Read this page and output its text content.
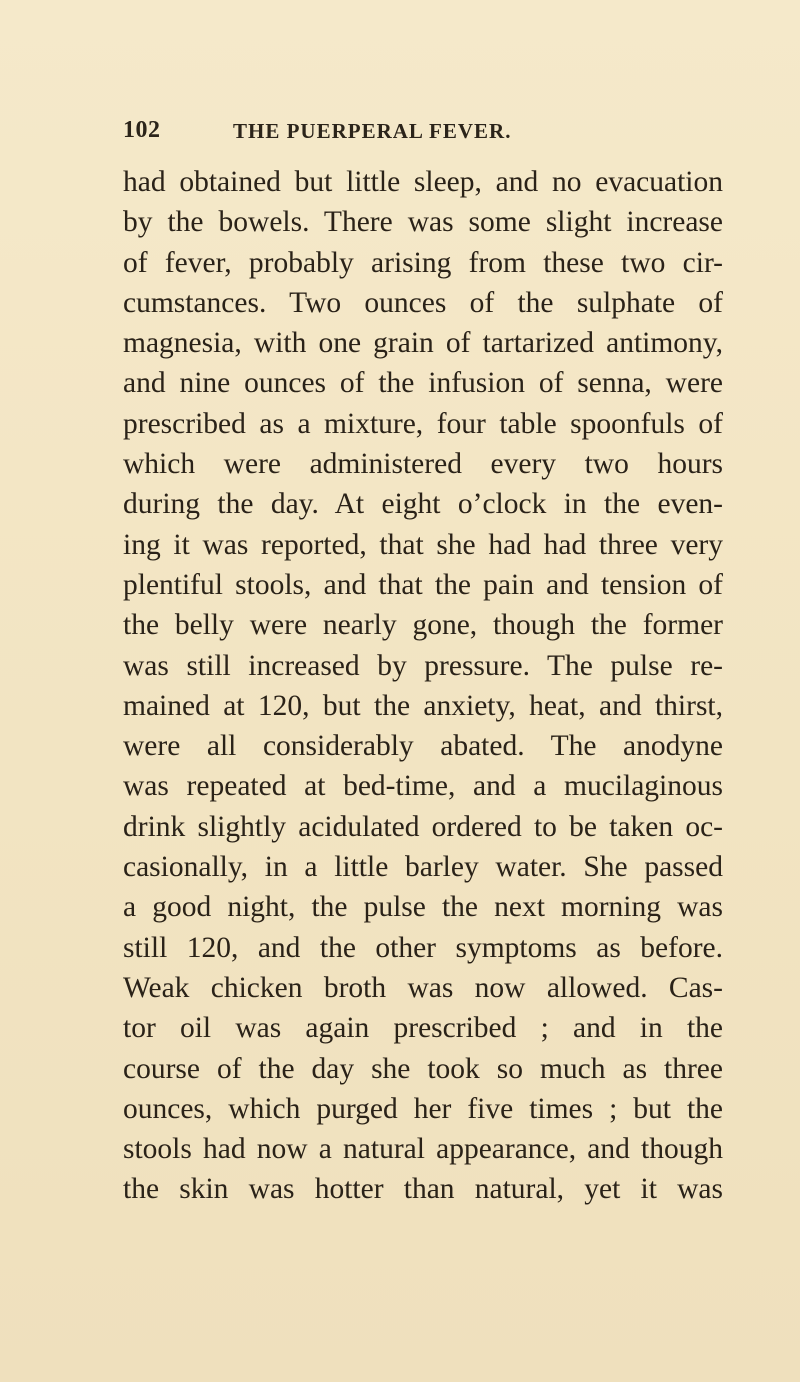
102	THE PUERPERAL FEVER.
had obtained but little sleep, and no evacuation
by the bowels. There was some slight increase
of fever, probably arising from these two cir-
cumstances. Two ounces of the sulphate of
magnesia, with one grain of tartarized antimony,
and nine ounces of the infusion of senna, were
prescribed as a mixture, four table spoonfuls of
which were administered every two hours
during the day. At eight o’clock in the even-
ing it was reported, that she had had three very
plentiful stools, and that the pain and tension of
the belly were nearly gone, though the former
was still increased by pressure. The pulse re-
mained at 120, but the anxiety, heat, and thirst,
were all considerably abated. The anodyne
was repeated at bed-time, and a mucilaginous
drink slightly acidulated ordered to be taken oc-
casionally, in a little barley water. She passed
a good night, the pulse the next morning was
still 120, and the other symptoms as before.
Weak chicken broth was now allowed. Cas-
tor oil was again prescribed ; and in the
course of the day she took so much as three
ounces, which purged her five times ; but the
stools had now a natural appearance, and though
the skin was hotter than natural, yet it was
